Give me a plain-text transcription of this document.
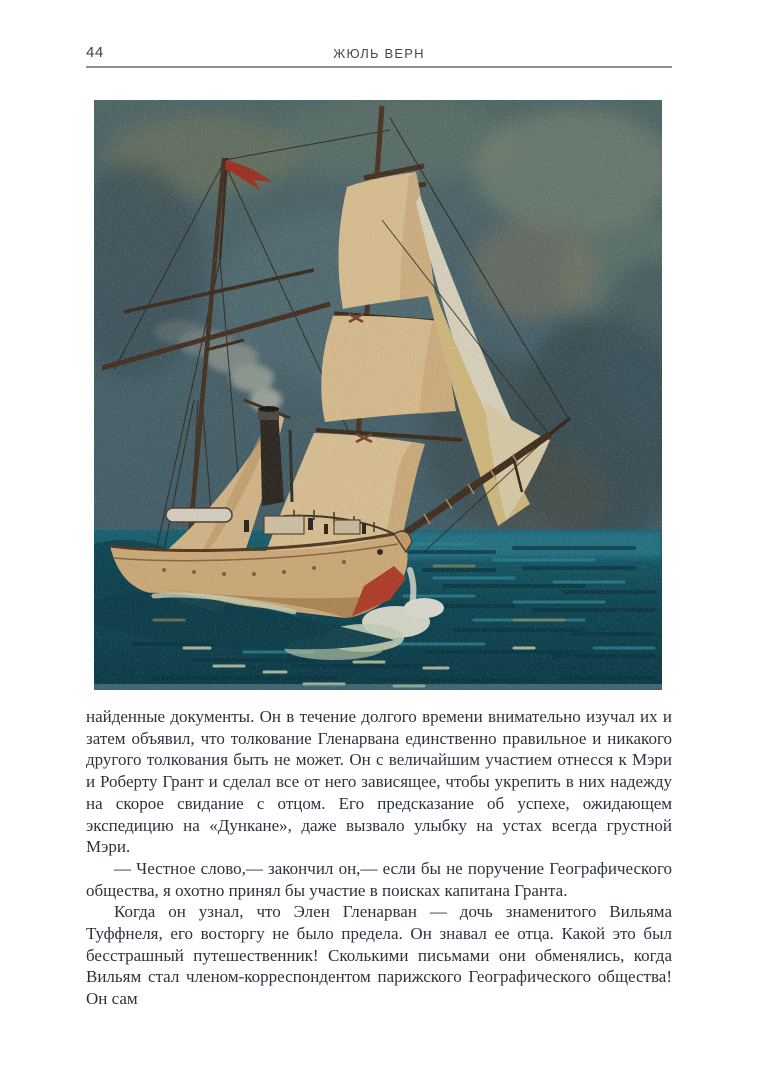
44	ЖЮЛЬ ВЕРН

найденные документы. Он в течение долгого времени внимательно изучал их и затем объявил, что толкование Гленарвана единственно правильное и никакого другого толкования быть не может. Он с величайшим участием отнесся к Мэри и Роберту Грант и сделал все от него зависящее, чтобы укрепить в них надежду на скорое свидание с отцом. Его предсказание об успехе, ожидающем экспедицию на «Дункане», даже вызвало улыбку на устах всегда грустной Мэри.

— Честное слово,— закончил он,— если бы не поручение Географического общества, я охотно принял бы участие в поисках капитана Гранта.

Когда он узнал, что Элен Гленарван — дочь знаменитого Вильяма Туффнеля, его восторгу не было предела. Он знавал ее отца. Какой это был бесстрашный путешественник! Сколькими письмами они обменялись, когда Вильям стал членом-корреспондентом парижского Географического общества! Он сам
